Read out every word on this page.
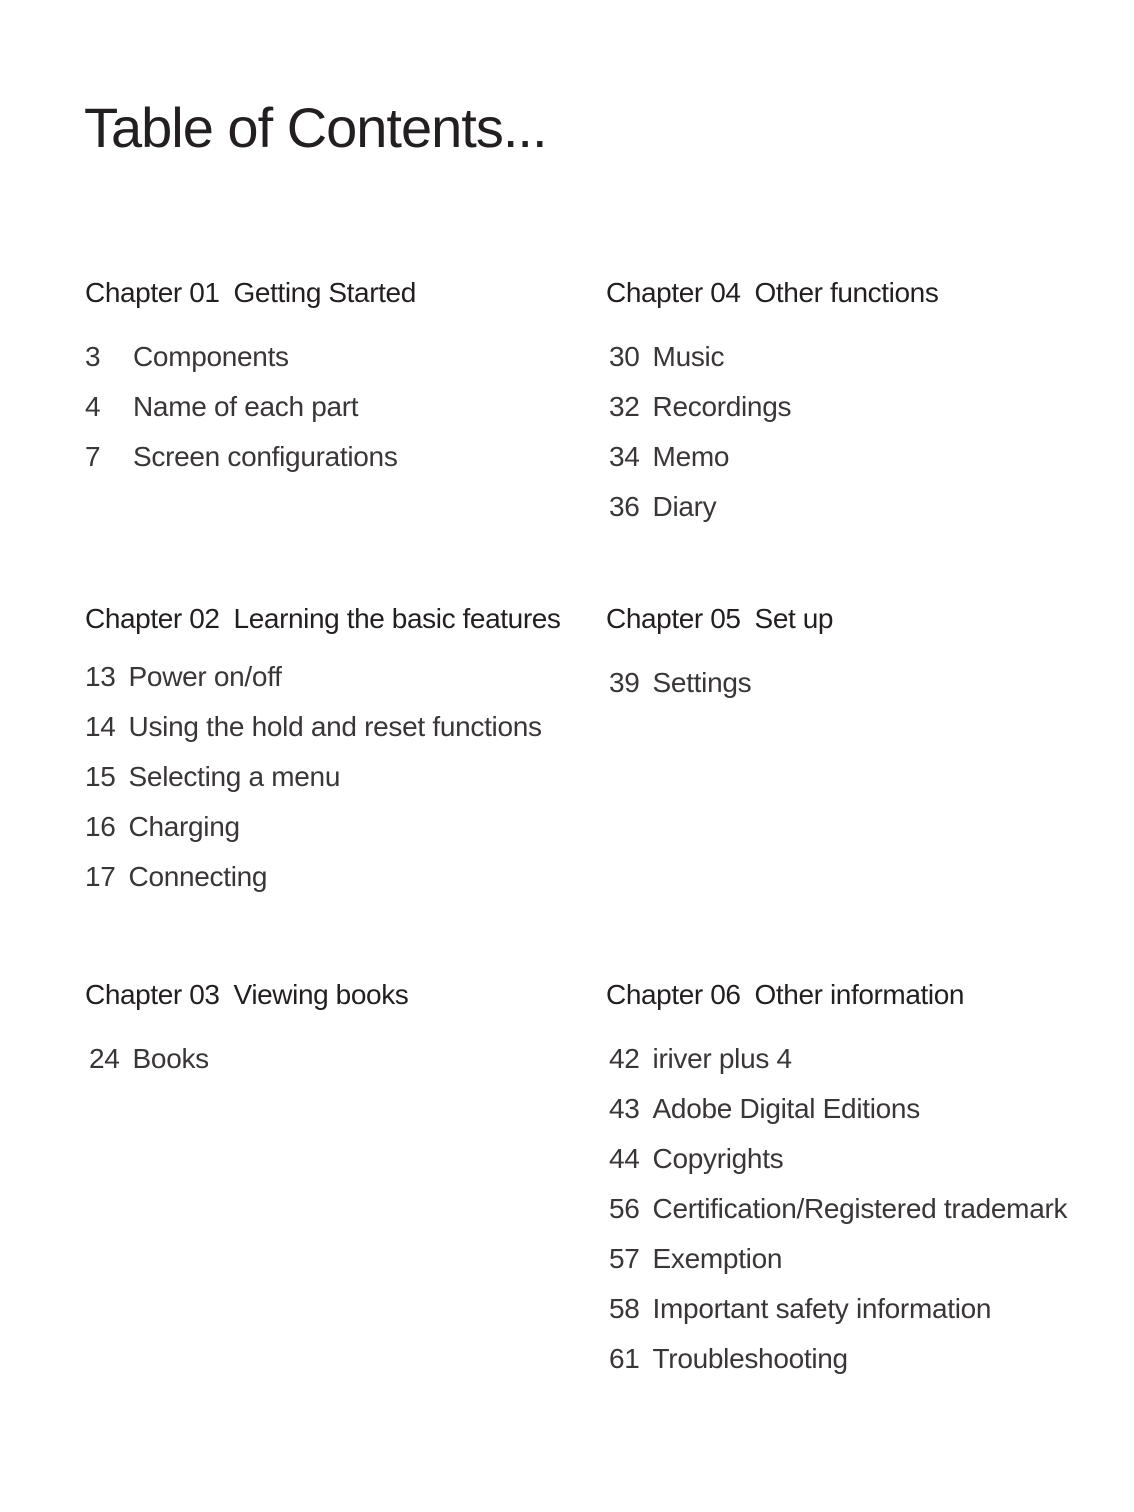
Table of Contents...
Chapter 01 Getting Started
3 Components
4 Name of each part
7 Screen configurations
Chapter 04 Other functions
30 Music
32 Recordings
34 Memo
36 Diary
Chapter 02 Learning the basic features
13 Power on/off
14 Using the hold and reset functions
15 Selecting a menu
16 Charging
17 Connecting
Chapter 05 Set up
39 Settings
Chapter 03 Viewing books
24 Books
Chapter 06 Other information
42 iriver plus 4
43 Adobe Digital Editions
44 Copyrights
56 Certification/Registered trademark
57 Exemption
58 Important safety information
61 Troubleshooting
